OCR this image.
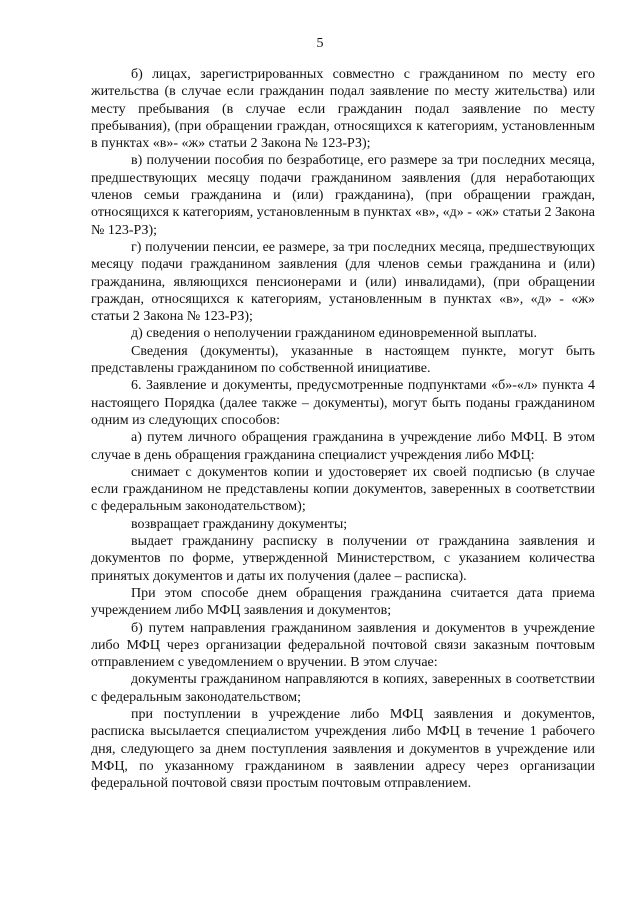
5

б) лицах, зарегистрированных совместно с гражданином по месту его жительства (в случае если гражданин подал заявление по месту жительства) или месту пребывания (в случае если гражданин подал заявление по месту пребывания), (при обращении граждан, относящихся к категориям, установленным в пунктах «в»- «ж» статьи 2 Закона № 123-РЗ);

в) получении пособия по безработице, его размере за три последних месяца, предшествующих месяцу подачи гражданином заявления (для неработающих членов семьи гражданина и (или) гражданина), (при обращении граждан, относящихся к категориям, установленным в пунктах «в», «д» - «ж» статьи 2 Закона № 123-РЗ);

г) получении пенсии, ее размере, за три последних месяца, предшествующих месяцу подачи гражданином заявления (для членов семьи гражданина и (или) гражданина, являющихся пенсионерами и (или) инвалидами), (при обращении граждан, относящихся к категориям, установленным в пунктах «в», «д» - «ж» статьи 2 Закона № 123-РЗ);

д) сведения о неполучении гражданином единовременной выплаты.

Сведения (документы), указанные в настоящем пункте, могут быть представлены гражданином по собственной инициативе.

6. Заявление и документы, предусмотренные подпунктами «б»-«л» пункта 4 настоящего Порядка (далее также – документы), могут быть поданы гражданином одним из следующих способов:

а) путем личного обращения гражданина в учреждение либо МФЦ. В этом случае в день обращения гражданина специалист учреждения либо МФЦ:

снимает с документов копии и удостоверяет их своей подписью (в случае если гражданином не представлены копии документов, заверенных в соответствии с федеральным законодательством);

возвращает гражданину документы;

выдает гражданину расписку в получении от гражданина заявления и документов по форме, утвержденной Министерством, с указанием количества принятых документов и даты их получения (далее – расписка).

При этом способе днем обращения гражданина считается дата приема учреждением либо МФЦ заявления и документов;

б) путем направления гражданином заявления и документов в учреждение либо МФЦ через организации федеральной почтовой связи заказным почтовым отправлением с уведомлением о вручении. В этом случае:

документы гражданином направляются в копиях, заверенных в соответствии с федеральным законодательством;

при поступлении в учреждение либо МФЦ заявления и документов, расписка высылается специалистом учреждения либо МФЦ в течение 1 рабочего дня, следующего за днем поступления заявления и документов в учреждение или МФЦ, по указанному гражданином в заявлении адресу через организации федеральной почтовой связи простым почтовым отправлением.
